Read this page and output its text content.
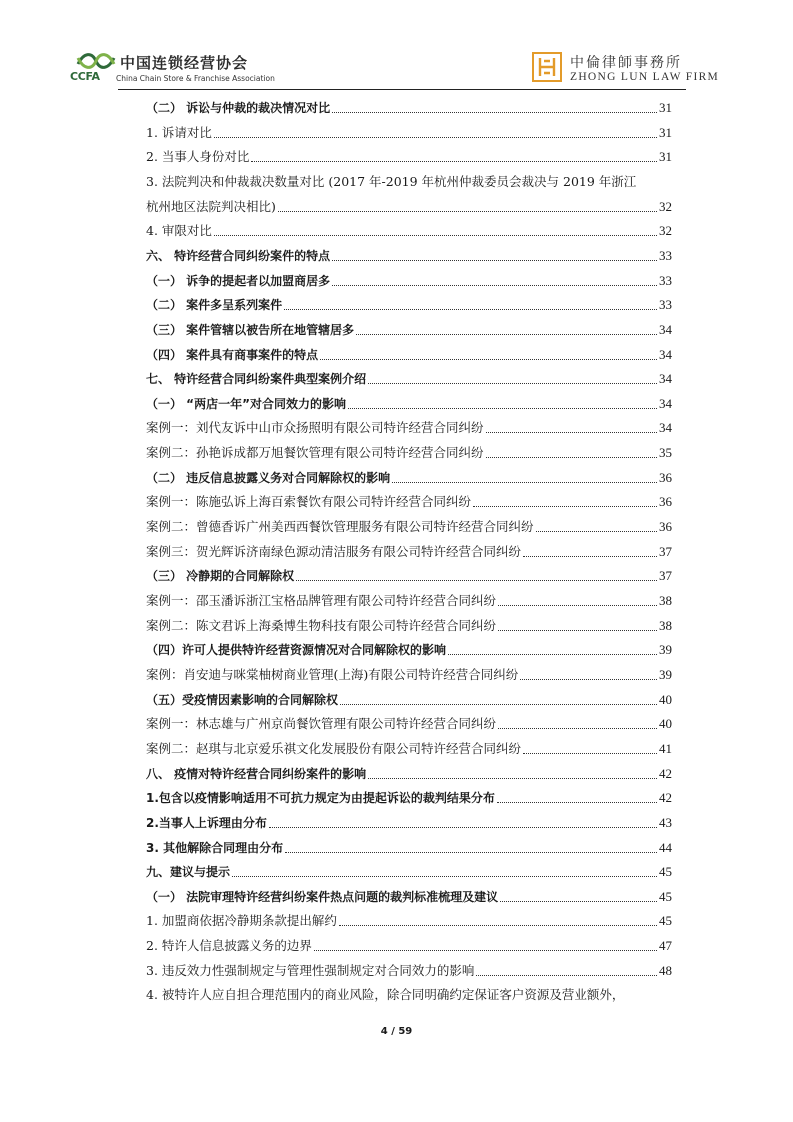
CCFA
中国连锁经营协会
China Chain Store & Franchise Association
中倫律師事務所
ZHONG LUN LAW FIRM
（二） 诉讼与仲裁的裁决情况对比	31
1. 诉请对比	31
2. 当事人身份对比	31
3. 法院判决和仲裁裁决数量对比 (2017 年-2019 年杭州仲裁委员会裁决与 2019 年浙江
杭州地区法院判决相比)	32
4. 审限对比	32
六、 特许经营合同纠纷案件的特点	33
（一） 诉争的提起者以加盟商居多	33
（二） 案件多呈系列案件	33
（三） 案件管辖以被告所在地管辖居多	34
（四） 案件具有商事案件的特点	34
七、 特许经营合同纠纷案件典型案例介绍	34
（一） “两店一年”对合同效力的影响	34
案例一：刘代友诉中山市众扬照明有限公司特许经营合同纠纷	34
案例二：孙艳诉成都万旭餐饮管理有限公司特许经营合同纠纷	35
（二） 违反信息披露义务对合同解除权的影响	36
案例一：陈施弘诉上海百索餐饮有限公司特许经营合同纠纷	36
案例二：曾德香诉广州美西西餐饮管理服务有限公司特许经营合同纠纷	36
案例三：贺光辉诉济南绿色源动清洁服务有限公司特许经营合同纠纷	37
（三） 冷静期的合同解除权	37
案例一：邵玉潘诉浙江宝格品牌管理有限公司特许经营合同纠纷	38
案例二：陈文君诉上海桑博生物科技有限公司特许经营合同纠纷	38
（四）许可人提供特许经营资源情况对合同解除权的影响	39
案例：肖安迪与咪棠柚树商业管理(上海)有限公司特许经营合同纠纷	39
（五）受疫情因素影响的合同解除权	40
案例一：林志雄与广州京尚餐饮管理有限公司特许经营合同纠纷	40
案例二：赵琪与北京爱乐祺文化发展股份有限公司特许经营合同纠纷	41
八、 疫情对特许经营合同纠纷案件的影响	42
1.包含以疫情影响适用不可抗力规定为由提起诉讼的裁判结果分布	42
2.当事人上诉理由分布	43
3. 其他解除合同理由分布	44
九、建议与提示	45
（一） 法院审理特许经营纠纷案件热点问题的裁判标准梳理及建议	45
1. 加盟商依据冷静期条款提出解约	45
2. 特许人信息披露义务的边界	47
3. 违反效力性强制规定与管理性强制规定对合同效力的影响	48
4. 被特许人应自担合理范围内的商业风险，除合同明确约定保证客户资源及营业额外，
4 / 59
